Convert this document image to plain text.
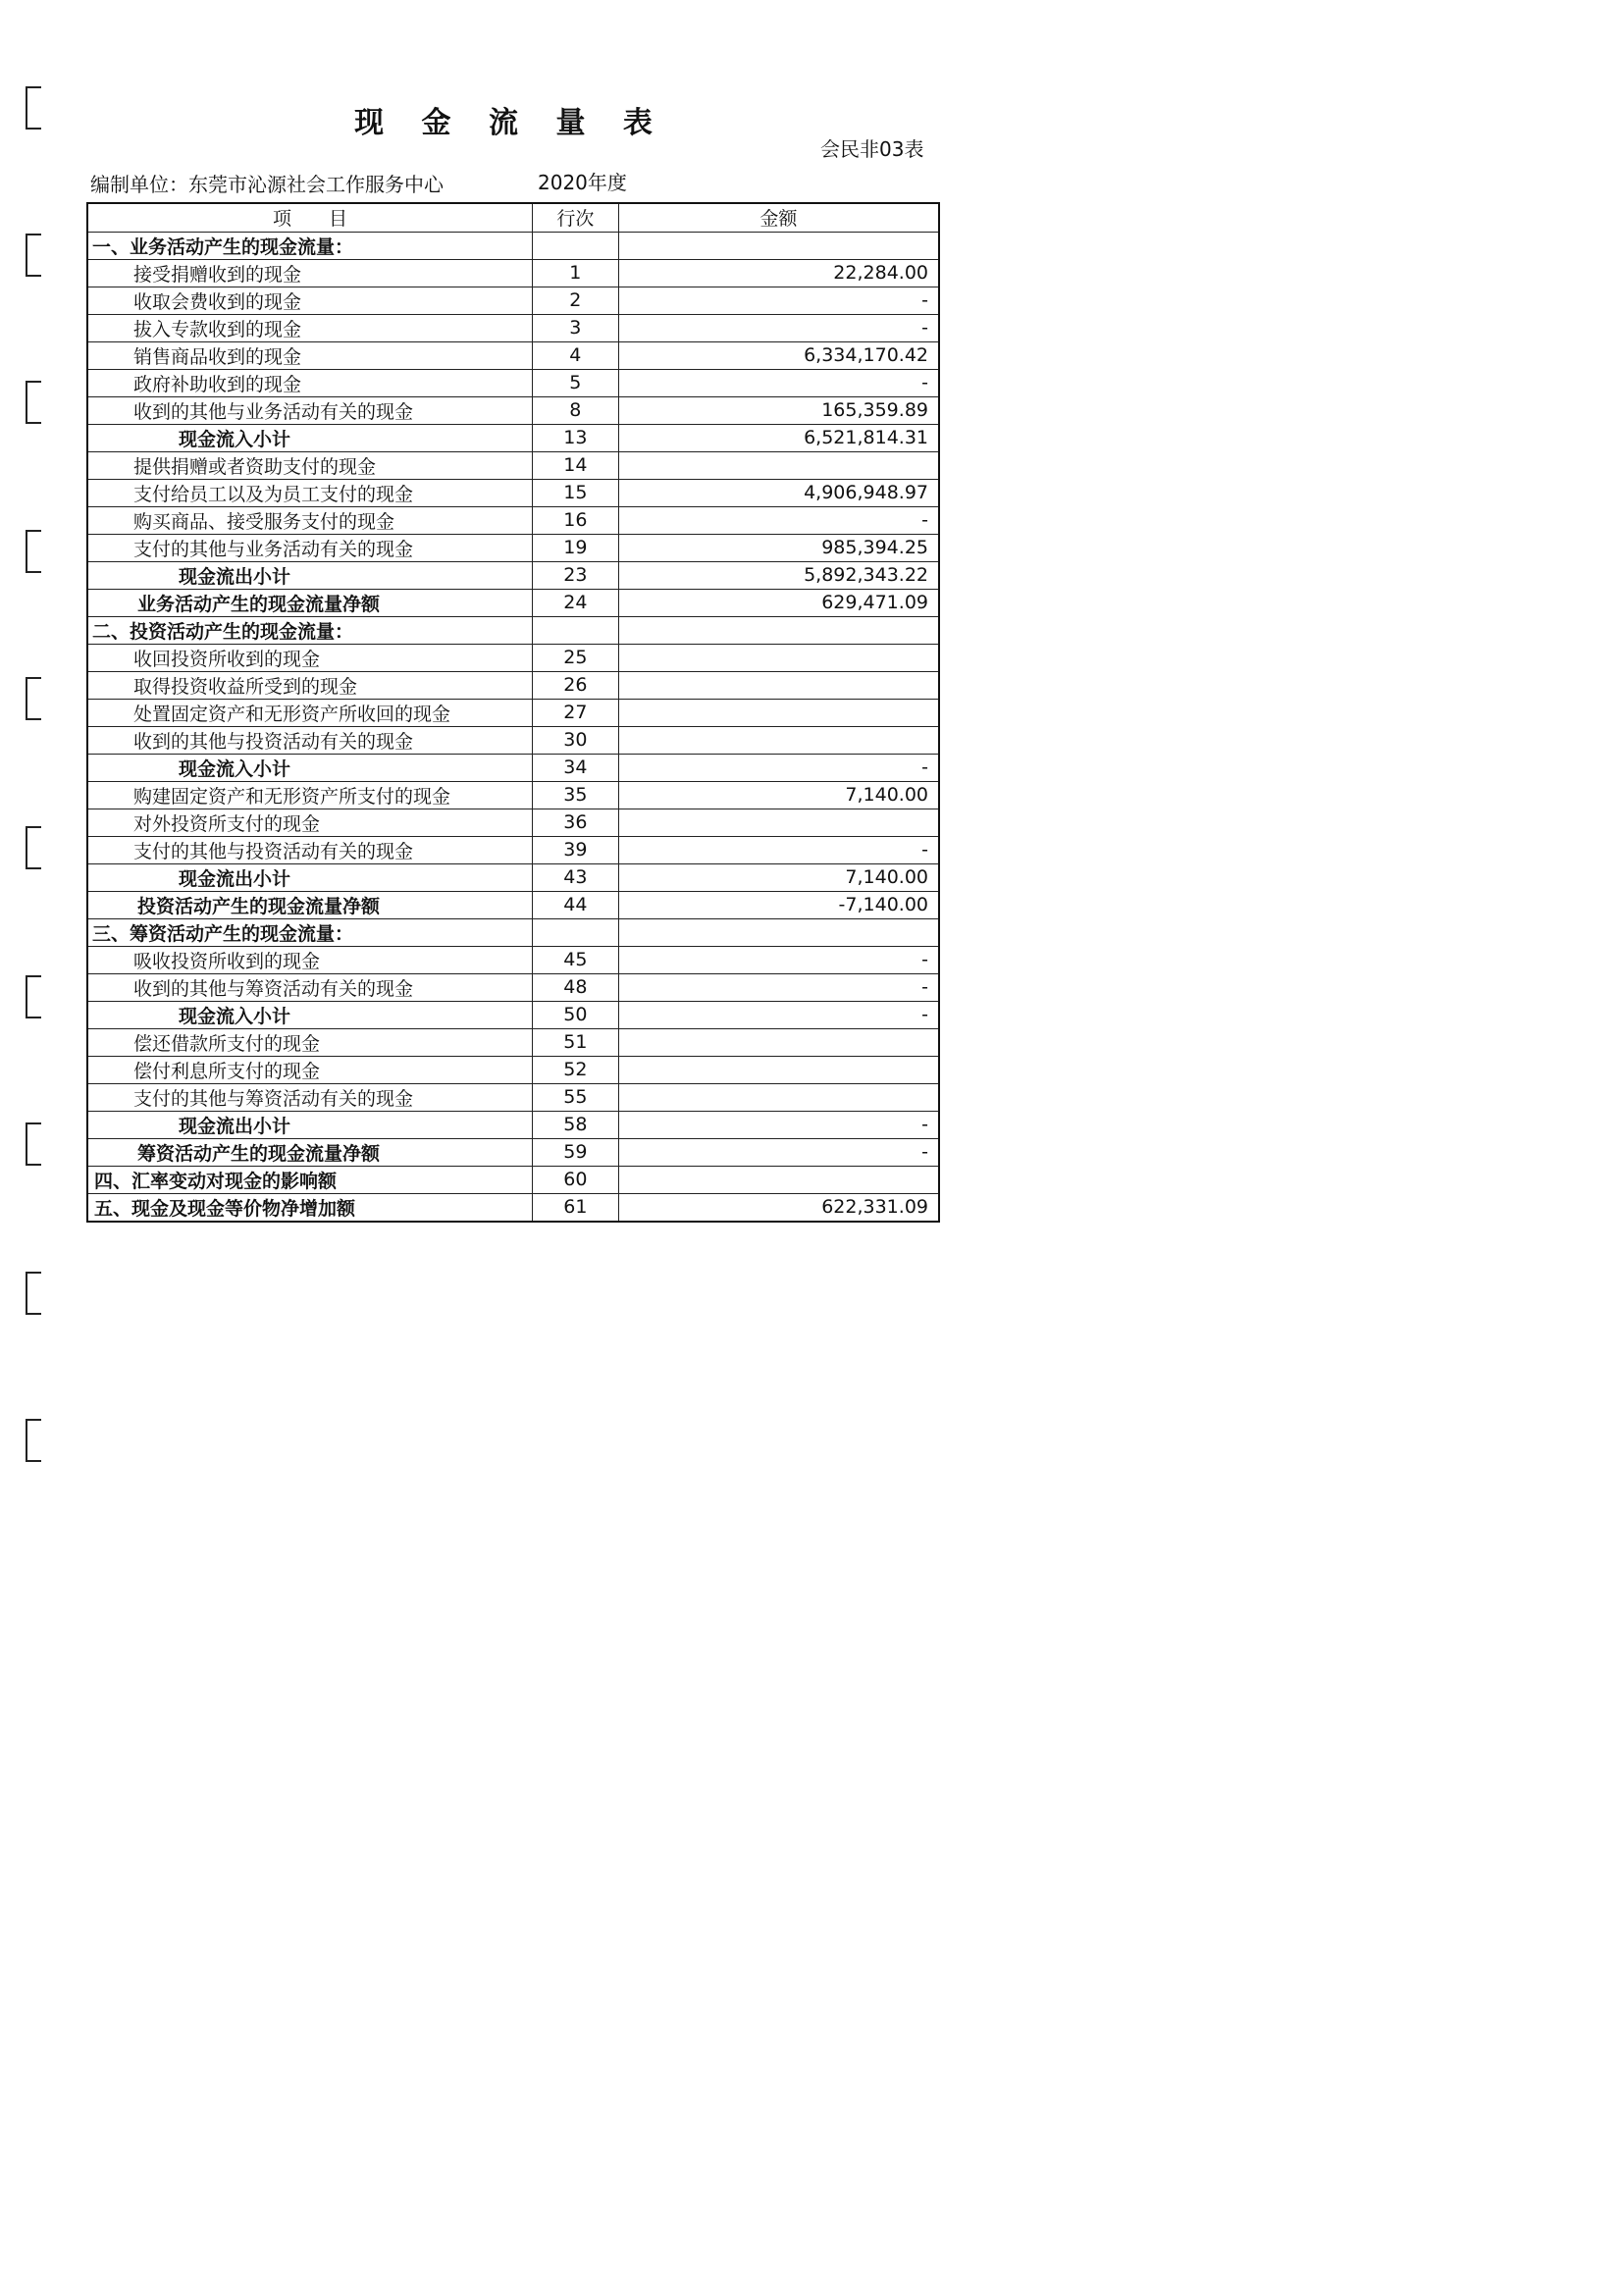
现 金 流 量 表
会民非03表
编制单位：东莞市沁源社会工作服务中心	2020年度
项　　目	行次	金额
一、业务活动产生的现金流量：		
接受捐赠收到的现金	1	22,284.00
收取会费收到的现金	2	-
拔入专款收到的现金	3	-
销售商品收到的现金	4	6,334,170.42
政府补助收到的现金	5	-
收到的其他与业务活动有关的现金	8	165,359.89
现金流入小计	13	6,521,814.31
提供捐赠或者资助支付的现金	14	
支付给员工以及为员工支付的现金	15	4,906,948.97
购买商品、接受服务支付的现金	16	-
支付的其他与业务活动有关的现金	19	985,394.25
现金流出小计	23	5,892,343.22
业务活动产生的现金流量净额	24	629,471.09
二、投资活动产生的现金流量：		
收回投资所收到的现金	25	
取得投资收益所受到的现金	26	
处置固定资产和无形资产所收回的现金	27	
收到的其他与投资活动有关的现金	30	
现金流入小计	34	-
购建固定资产和无形资产所支付的现金	35	7,140.00
对外投资所支付的现金	36	
支付的其他与投资活动有关的现金	39	-
现金流出小计	43	7,140.00
投资活动产生的现金流量净额	44	-7,140.00
三、筹资活动产生的现金流量：		
吸收投资所收到的现金	45	-
收到的其他与筹资活动有关的现金	48	-
现金流入小计	50	-
偿还借款所支付的现金	51	
偿付利息所支付的现金	52	
支付的其他与筹资活动有关的现金	55	
现金流出小计	58	-
筹资活动产生的现金流量净额	59	-
四、汇率变动对现金的影响额	60	
五、现金及现金等价物净增加额	61	622,331.09
